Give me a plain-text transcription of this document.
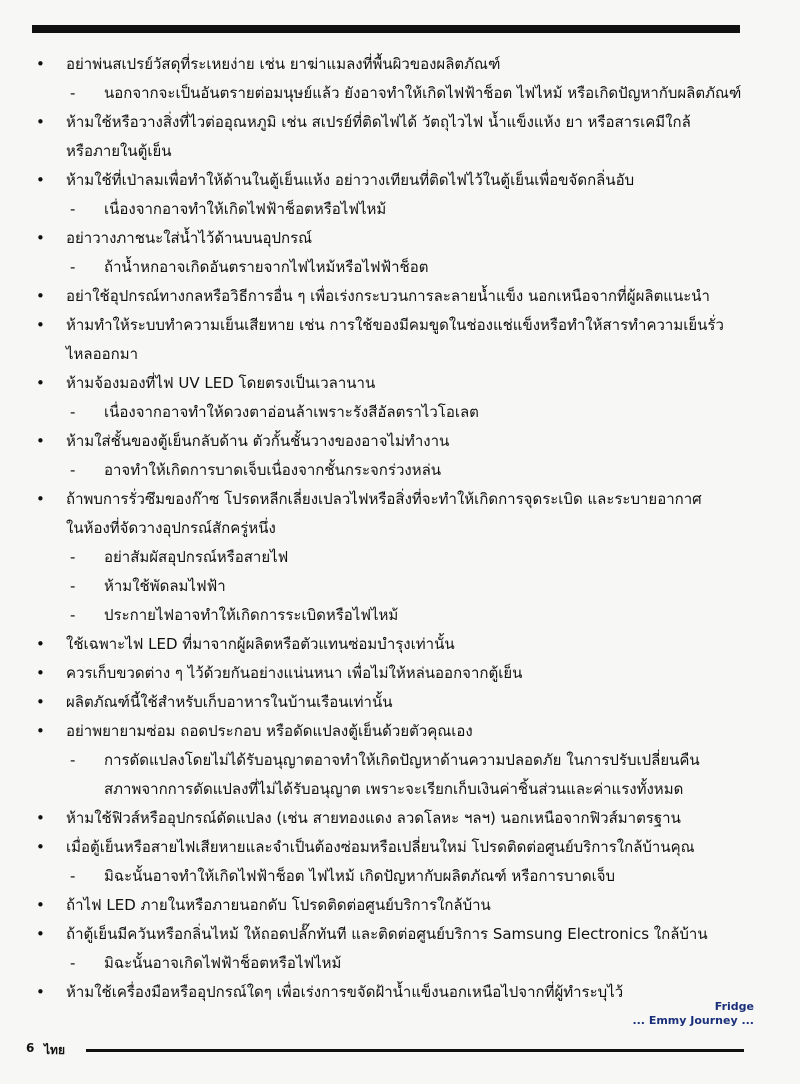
• อย่าพ่นสเปรย์วัสดุที่ระเหยง่าย เช่น ยาฆ่าแมลงที่พื้นผิวของผลิตภัณฑ์
- นอกจากจะเป็นอันตรายต่อมนุษย์แล้ว ยังอาจทำให้เกิดไฟฟ้าช็อต ไฟไหม้ หรือเกิดปัญหากับผลิตภัณฑ์
• ห้ามใช้หรือวางสิ่งที่ไวต่ออุณหภูมิ เช่น สเปรย์ที่ติดไฟได้ วัตถุไวไฟ น้ำแข็งแห้ง ยา หรือสารเคมีใกล้
หรือภายในตู้เย็น
• ห้ามใช้ที่เป่าลมเพื่อทำให้ด้านในตู้เย็นแห้ง อย่าวางเทียนที่ติดไฟไว้ในตู้เย็นเพื่อขจัดกลิ่นอับ
- เนื่องจากอาจทำให้เกิดไฟฟ้าช็อตหรือไฟไหม้
• อย่าวางภาชนะใส่น้ำไว้ด้านบนอุปกรณ์
- ถ้าน้ำหกอาจเกิดอันตรายจากไฟไหม้หรือไฟฟ้าช็อต
• อย่าใช้อุปกรณ์ทางกลหรือวิธีการอื่น ๆ เพื่อเร่งกระบวนการละลายน้ำแข็ง นอกเหนือจากที่ผู้ผลิตแนะนำ
• ห้ามทำให้ระบบทำความเย็นเสียหาย เช่น การใช้ของมีคมขูดในช่องแช่แข็งหรือทำให้สารทำความเย็นรั่ว
ไหลออกมา
• ห้ามจ้องมองที่ไฟ UV LED โดยตรงเป็นเวลานาน
- เนื่องจากอาจทำให้ดวงตาอ่อนล้าเพราะรังสีอัลตราไวโอเลต
• ห้ามใส่ชั้นของตู้เย็นกลับด้าน ตัวกั้นชั้นวางของอาจไม่ทำงาน
- อาจทำให้เกิดการบาดเจ็บเนื่องจากชั้นกระจกร่วงหล่น
• ถ้าพบการรั่วซึมของก๊าซ โปรดหลีกเลี่ยงเปลวไฟหรือสิ่งที่จะทำให้เกิดการจุดระเบิด และระบายอากาศ
ในห้องที่จัดวางอุปกรณ์สักครู่หนึ่ง
- อย่าสัมผัสอุปกรณ์หรือสายไฟ
- ห้ามใช้พัดลมไฟฟ้า
- ประกายไฟอาจทำให้เกิดการระเบิดหรือไฟไหม้
• ใช้เฉพาะไฟ LED ที่มาจากผู้ผลิตหรือตัวแทนซ่อมบำรุงเท่านั้น
• ควรเก็บขวดต่าง ๆ ไว้ด้วยกันอย่างแน่นหนา เพื่อไม่ให้หล่นออกจากตู้เย็น
• ผลิตภัณฑ์นี้ใช้สำหรับเก็บอาหารในบ้านเรือนเท่านั้น
• อย่าพยายามซ่อม ถอดประกอบ หรือดัดแปลงตู้เย็นด้วยตัวคุณเอง
- การดัดแปลงโดยไม่ได้รับอนุญาตอาจทำให้เกิดปัญหาด้านความปลอดภัย ในการปรับเปลี่ยนคืน
สภาพจากการดัดแปลงที่ไม่ได้รับอนุญาต เพราะจะเรียกเก็บเงินค่าชิ้นส่วนและค่าแรงทั้งหมด
• ห้ามใช้ฟิวส์หรืออุปกรณ์ดัดแปลง (เช่น สายทองแดง ลวดโลหะ ฯลฯ) นอกเหนือจากฟิวส์มาตรฐาน
• เมื่อตู้เย็นหรือสายไฟเสียหายและจำเป็นต้องซ่อมหรือเปลี่ยนใหม่ โปรดติดต่อศูนย์บริการใกล้บ้านคุณ
- มิฉะนั้นอาจทำให้เกิดไฟฟ้าช็อต ไฟไหม้ เกิดปัญหากับผลิตภัณฑ์ หรือการบาดเจ็บ
• ถ้าไฟ LED ภายในหรือภายนอกดับ โปรดติดต่อศูนย์บริการใกล้บ้าน
• ถ้าตู้เย็นมีควันหรือกลิ่นไหม้ ให้ถอดปลั๊กทันที และติดต่อศูนย์บริการ Samsung Electronics ใกล้บ้าน
- มิฉะนั้นอาจเกิดไฟฟ้าช็อตหรือไฟไหม้
• ห้ามใช้เครื่องมือหรืออุปกรณ์ใดๆ เพื่อเร่งการขจัดฝ้าน้ำแข็งนอกเหนือไปจากที่ผู้ทำระบุไว้
Fridge
... Emmy Journey ...
6 ไทย
